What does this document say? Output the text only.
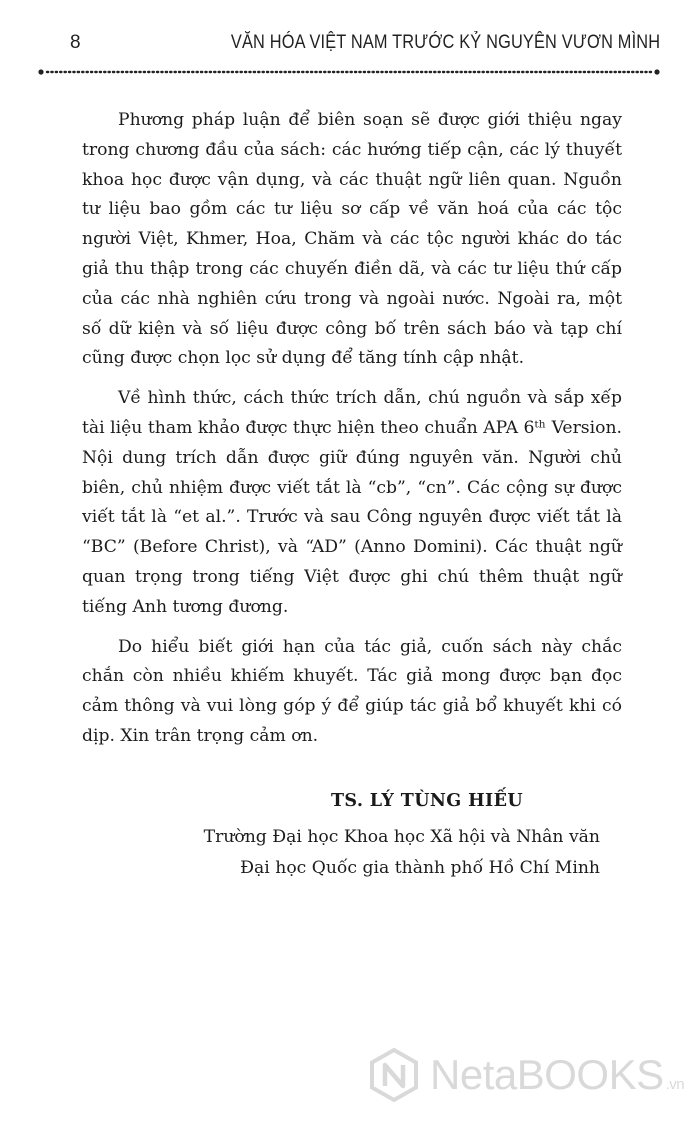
8	VĂN HÓA VIỆT NAM TRƯỚC KỶ NGUYÊN VƯƠN MÌNH

Phương pháp luận để biên soạn sẽ được giới thiệu ngay trong chương đầu của sách: các hướng tiếp cận, các lý thuyết khoa học được vận dụng, và các thuật ngữ liên quan. Nguồn tư liệu bao gồm các tư liệu sơ cấp về văn hoá của các tộc người Việt, Khmer, Hoa, Chăm và các tộc người khác do tác giả thu thập trong các chuyến điền dã, và các tư liệu thứ cấp của các nhà nghiên cứu trong và ngoài nước. Ngoài ra, một số dữ kiện và số liệu được công bố trên sách báo và tạp chí cũng được chọn lọc sử dụng để tăng tính cập nhật.

Về hình thức, cách thức trích dẫn, chú nguồn và sắp xếp tài liệu tham khảo được thực hiện theo chuẩn APA 6ᵗʰ Version. Nội dung trích dẫn được giữ đúng nguyên văn. Người chủ biên, chủ nhiệm được viết tắt là “cb”, “cn”. Các cộng sự được viết tắt là “et al.”. Trước và sau Công nguyên được viết tắt là “BC” (Before Christ), và “AD” (Anno Domini). Các thuật ngữ quan trọng trong tiếng Việt được ghi chú thêm thuật ngữ tiếng Anh tương đương.

Do hiểu biết giới hạn của tác giả, cuốn sách này chắc chắn còn nhiều khiếm khuyết. Tác giả mong được bạn đọc cảm thông và vui lòng góp ý để giúp tác giả bổ khuyết khi có dịp. Xin trân trọng cảm ơn.

TS. LÝ TÙNG HIẾU
Trường Đại học Khoa học Xã hội và Nhân văn
Đại học Quốc gia thành phố Hồ Chí Minh
NetaBOOKS .vn
